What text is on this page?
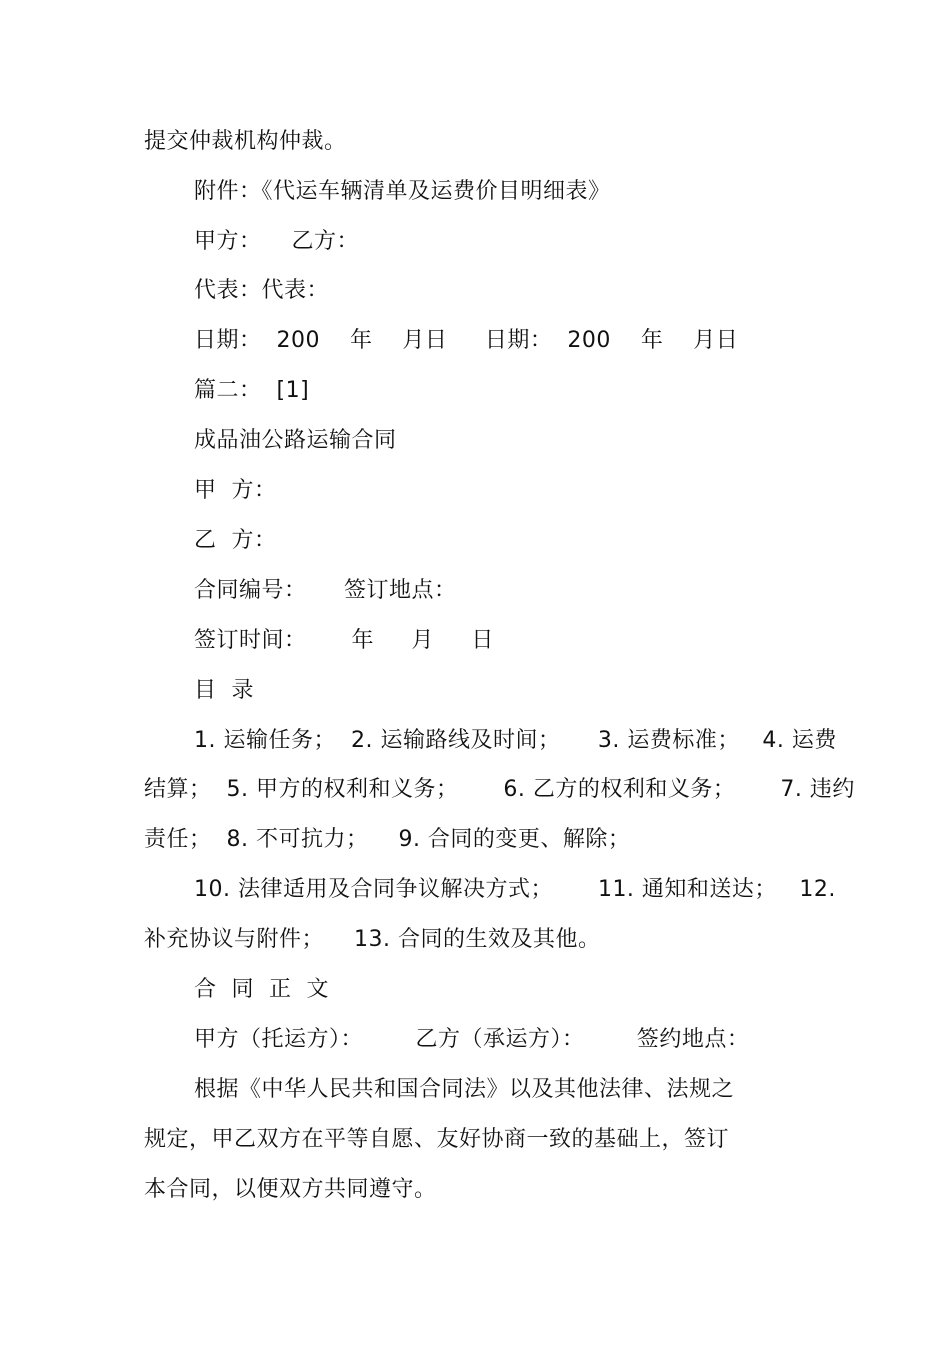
提交仲裁机构仲裁。
附件：《代运车辆清单及运费价目明细表》
甲方：    乙方：
代表：代表：
日期：  200    年    月日     日期：  200    年    月日
篇二：  [1]
成品油公路运输合同
甲  方：
乙  方：
合同编号：     签订地点：
签订时间：      年     月     日
目  录
1. 运输任务；  2. 运输路线及时间；     3. 运费标准；   4. 运费
结算；  5. 甲方的权利和义务；      6. 乙方的权利和义务；      7. 违约
责任；  8. 不可抗力；    9. 合同的变更、解除；
10. 法律适用及合同争议解决方式；      11. 通知和送达；   12.
补充协议与附件；    13. 合同的生效及其他。
合  同  正  文
甲方（托运方）：       乙方（承运方）：       签约地点：
根据《中华人民共和国合同法》以及其他法律、法规之
规定，甲乙双方在平等自愿、友好协商一致的基础上，签订
本合同，以便双方共同遵守。
